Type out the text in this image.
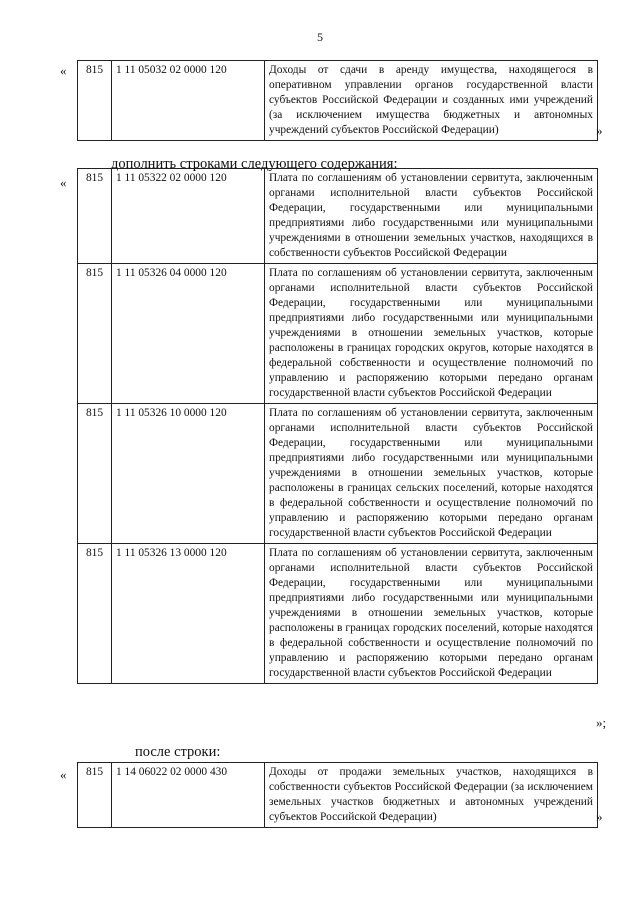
5
« 815	1 11 05032 02 0000 120	Доходы от сдачи в аренду имущества, находящегося в оперативном управлении органов государственной власти субъектов Российской Федерации и созданных ими учреждений (за исключением имущества бюджетных и автономных учреждений субъектов Российской Федерации)	»
дополнить строками следующего содержания:
« 815	1 11 05322 02 0000 120	Плата по соглашениям об установлении сервитута, заключенным органами исполнительной власти субъектов Российской Федерации, государственными или муниципальными предприятиями либо государственными или муниципальными учреждениями в отношении земельных участков, находящихся в собственности субъектов Российской Федерации

815	1 11 05326 04 0000 120	Плата по соглашениям об установлении сервитута, заключенным органами исполнительной власти субъектов Российской Федерации, государственными или муниципальными предприятиями либо государственными или муниципальными учреждениями в отношении земельных участков, которые расположены в границах городских округов, которые находятся в федеральной собственности и осуществление полномочий по управлению и распоряжению которыми передано органам государственной власти субъектов Российской Федерации

815	1 11 05326 10 0000 120	Плата по соглашениям об установлении сервитута, заключенным органами исполнительной власти субъектов Российской Федерации, государственными или муниципальными предприятиями либо государственными или муниципальными учреждениями в отношении земельных участков, которые расположены в границах сельских поселений, которые находятся в федеральной собственности и осуществление полномочий по управлению и распоряжению которыми передано органам государственной власти субъектов Российской Федерации

815	1 11 05326 13 0000 120	Плата по соглашениям об установлении сервитута, заключенным органами исполнительной власти субъектов Российской Федерации, государственными или муниципальными предприятиями либо государственными или муниципальными учреждениями в отношении земельных участков, которые расположены в границах городских поселений, которые находятся в федеральной собственности и осуществление полномочий по управлению и распоряжению которыми передано органам государственной власти субъектов Российской Федерации
»;
после строки:
« 815	1 14 06022 02 0000 430	Доходы от продажи земельных участков, находящихся в собственности субъектов Российской Федерации (за исключением земельных участков бюджетных и автономных учреждений субъектов Российской Федерации)	»
